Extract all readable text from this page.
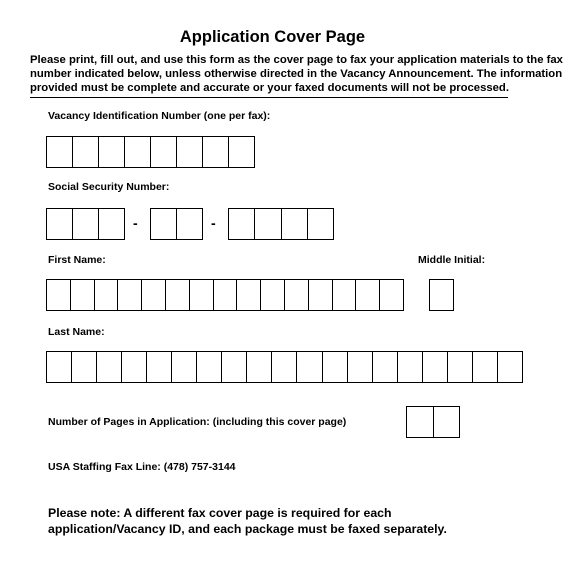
Application Cover Page
Please print, fill out, and use this form as the cover page to fax your application materials to the fax
number indicated below, unless otherwise directed in the Vacancy Announcement. The information
provided must be complete and accurate or your faxed documents will not be processed.
Vacancy Identification Number (one per fax):
Social Security Number:
-	-
First Name:	Middle Initial:
Last Name:
Number of Pages in Application: (including this cover page)
USA Staffing Fax Line: (478) 757-3144
Please note: A different fax cover page is required for each
application/Vacancy ID, and each package must be faxed separately.
